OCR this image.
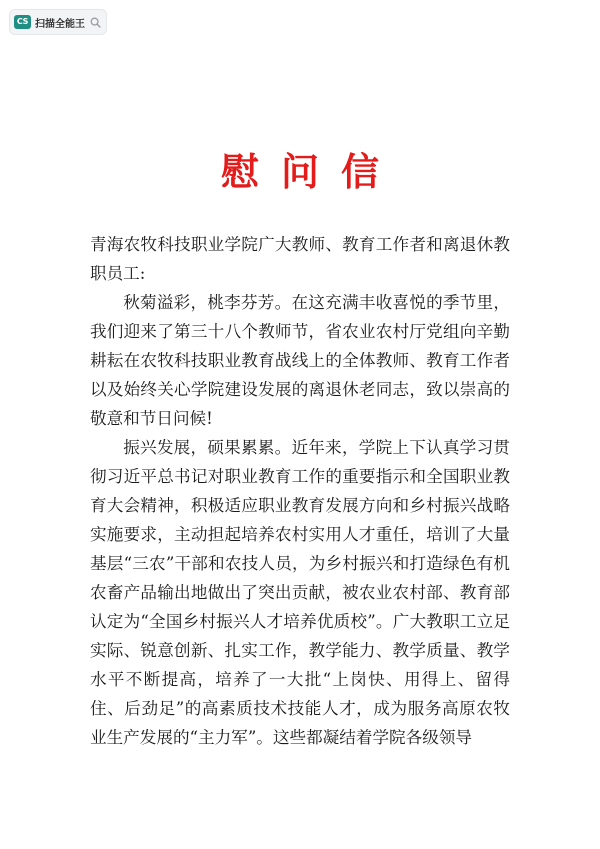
CS 扫描全能王
慰问信

青海农牧科技职业学院广大教师、教育工作者和离退休教职员工:

秋菊溢彩，桃李芬芳。在这充满丰收喜悦的季节里，我们迎来了第三十八个教师节，省农业农村厅党组向辛勤耕耘在农牧科技职业教育战线上的全体教师、教育工作者以及始终关心学院建设发展的离退休老同志，致以崇高的敬意和节日问候!

振兴发展，硕果累累。近年来，学院上下认真学习贯彻习近平总书记对职业教育工作的重要指示和全国职业教育大会精神，积极适应职业教育发展方向和乡村振兴战略实施要求，主动担起培养农村实用人才重任，培训了大量基层“三农”干部和农技人员，为乡村振兴和打造绿色有机农畜产品输出地做出了突出贡献，被农业农村部、教育部认定为“全国乡村振兴人才培养优质校”。广大教职工立足实际、锐意创新、扎实工作，教学能力、教学质量、教学水平不断提高，培养了一大批“上岗快、用得上、留得住、后劲足”的高素质技术技能人才，成为服务高原农牧业生产发展的“主力军”。这些都凝结着学院各级领导
